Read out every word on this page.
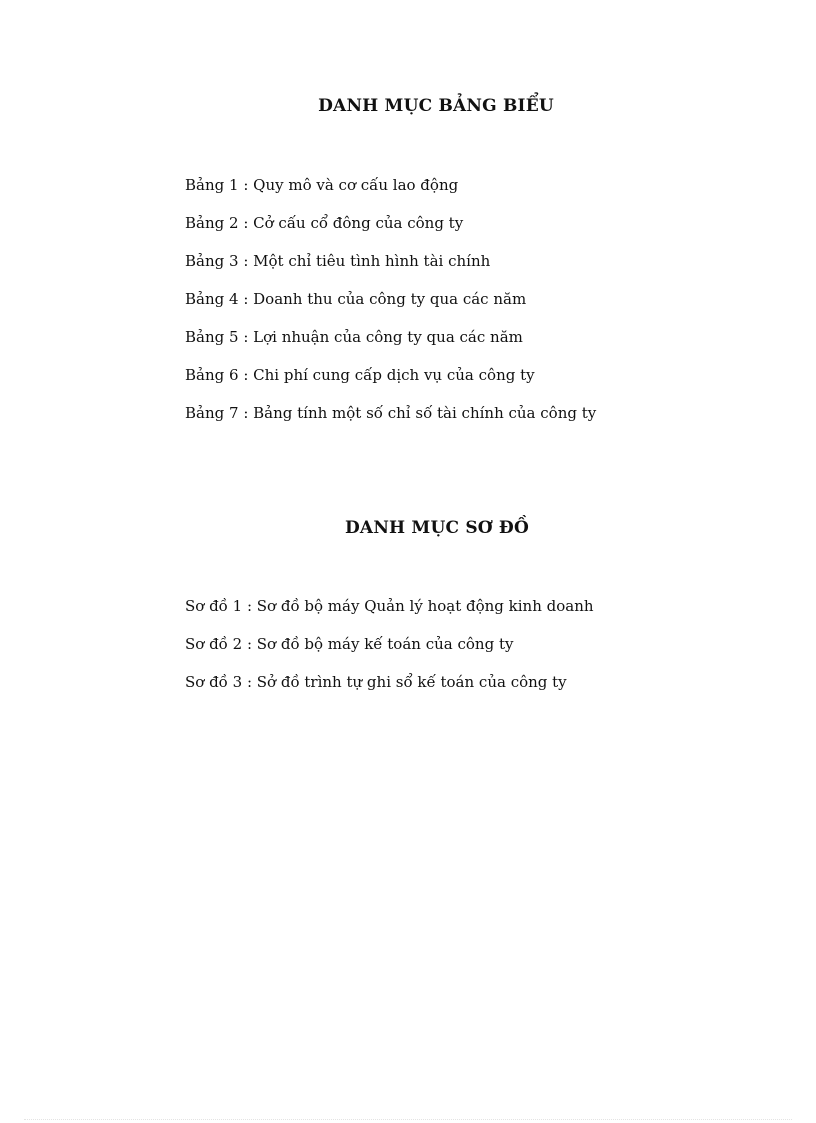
DANH MỤC BẢNG BIỂU
Bảng 1 : Quy mô và cơ cấu lao động
Bảng 2 : Cở cấu cổ đông của công ty
Bảng 3 : Một chỉ tiêu tình hình tài chính
Bảng 4 : Doanh thu của công ty qua các năm
Bảng 5 : Lợi nhuận của công ty qua các năm
Bảng 6 : Chi phí cung cấp dịch vụ của công ty
Bảng 7 : Bảng tính một số chỉ số tài chính của công ty
DANH MỤC SƠ ĐỒ
Sơ đồ 1 : Sơ đồ bộ máy Quản lý hoạt động kinh doanh
Sơ đồ 2 : Sơ đồ bộ máy kế toán của công ty
Sơ đồ 3 : Sở đồ trình tự ghi sổ kế toán của công ty
